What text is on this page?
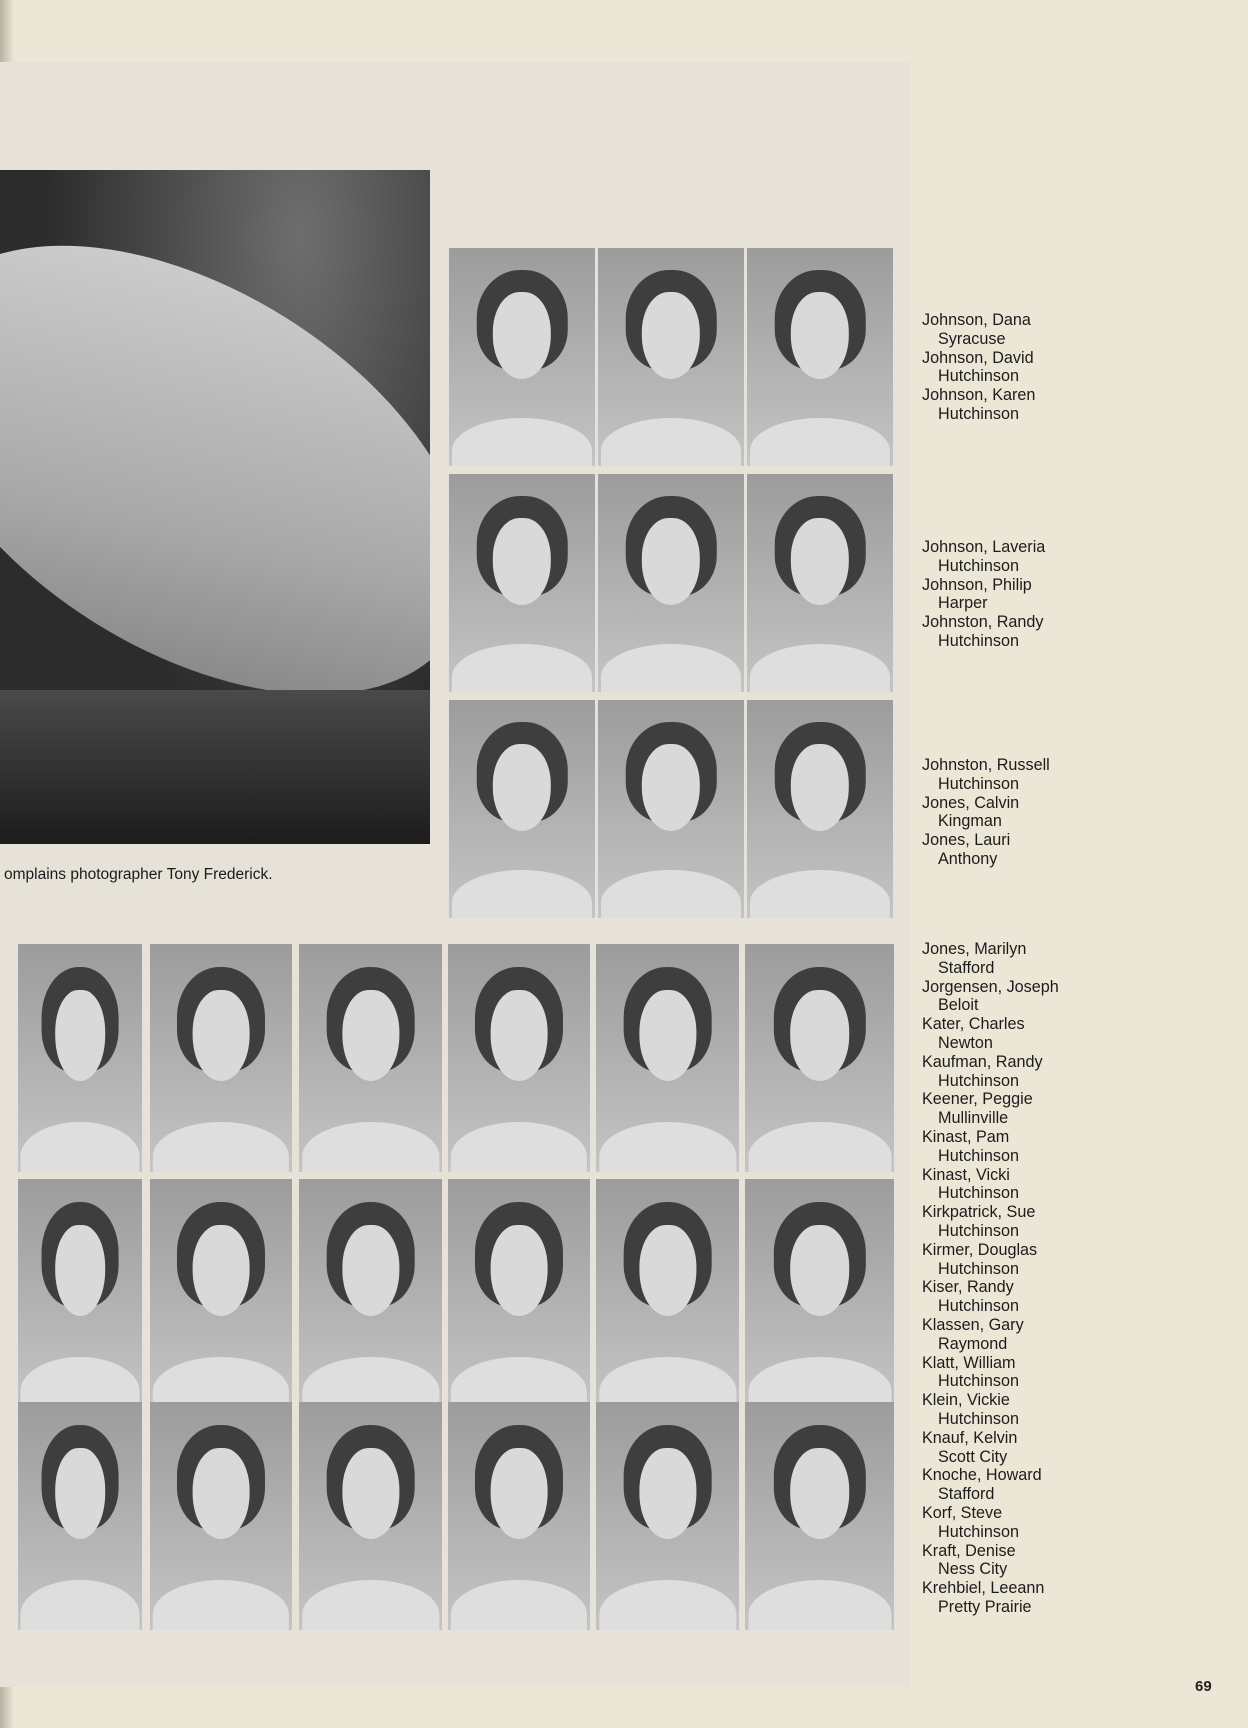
omplains photographer Tony Frederick.
Johnson, Dana
Syracuse
Johnson, David
Hutchinson
Johnson, Karen
Hutchinson
Johnson, Laveria
Hutchinson
Johnson, Philip
Harper
Johnston, Randy
Hutchinson
Johnston, Russell
Hutchinson
Jones, Calvin
Kingman
Jones, Lauri
Anthony
Jones, Marilyn
Stafford
Jorgensen, Joseph
Beloit
Kater, Charles
Newton
Kaufman, Randy
Hutchinson
Keener, Peggie
Mullinville
Kinast, Pam
Hutchinson
Kinast, Vicki
Hutchinson
Kirkpatrick, Sue
Hutchinson
Kirmer, Douglas
Hutchinson
Kiser, Randy
Hutchinson
Klassen, Gary
Raymond
Klatt, William
Hutchinson
Klein, Vickie
Hutchinson
Knauf, Kelvin
Scott City
Knoche, Howard
Stafford
Korf, Steve
Hutchinson
Kraft, Denise
Ness City
Krehbiel, Leeann
Pretty Prairie
69
